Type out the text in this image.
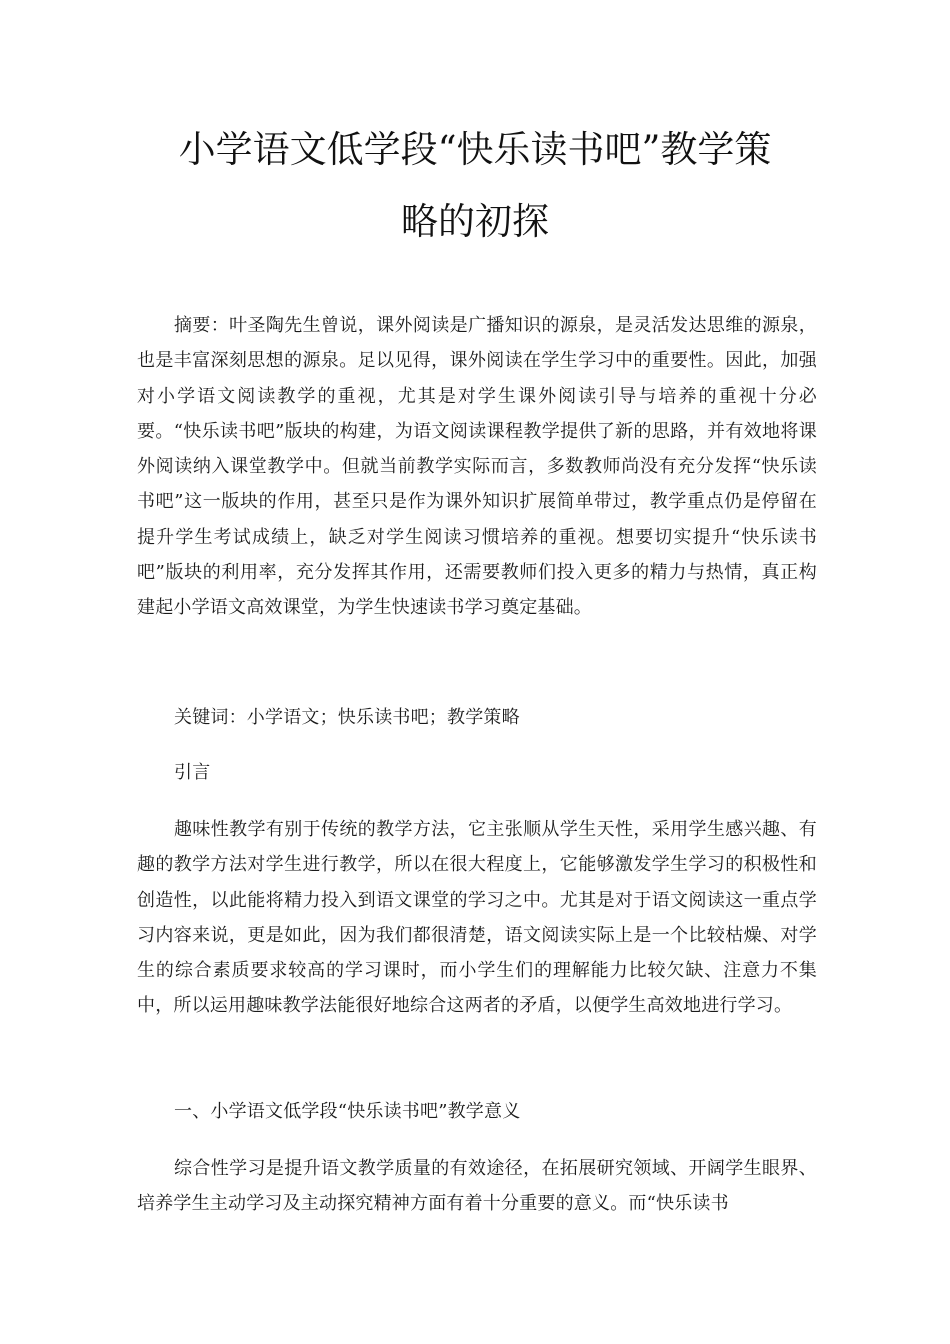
小学语文低学段“快乐读书吧”教学策
略的初探

摘要：叶圣陶先生曾说，课外阅读是广播知识的源泉，是灵活发达思维的源泉，也是丰富深刻思想的源泉。足以见得，课外阅读在学生学习中的重要性。因此，加强对小学语文阅读教学的重视，尤其是对学生课外阅读引导与培养的重视十分必要。“快乐读书吧”版块的构建，为语文阅读课程教学提供了新的思路，并有效地将课外阅读纳入课堂教学中。但就当前教学实际而言，多数教师尚没有充分发挥“快乐读书吧”这一版块的作用，甚至只是作为课外知识扩展简单带过，教学重点仍是停留在提升学生考试成绩上，缺乏对学生阅读习惯培养的重视。想要切实提升“快乐读书吧”版块的利用率，充分发挥其作用，还需要教师们投入更多的精力与热情，真正构建起小学语文高效课堂，为学生快速读书学习奠定基础。

关键词：小学语文；快乐读书吧；教学策略

引言

趣味性教学有别于传统的教学方法，它主张顺从学生天性，采用学生感兴趣、有趣的教学方法对学生进行教学，所以在很大程度上，它能够激发学生学习的积极性和创造性，以此能将精力投入到语文课堂的学习之中。尤其是对于语文阅读这一重点学习内容来说，更是如此，因为我们都很清楚，语文阅读实际上是一个比较枯燥、对学生的综合素质要求较高的学习课时，而小学生们的理解能力比较欠缺、注意力不集中，所以运用趣味教学法能很好地综合这两者的矛盾，以便学生高效地进行学习。

一、小学语文低学段“快乐读书吧”教学意义

综合性学习是提升语文教学质量的有效途径，在拓展研究领域、开阔学生眼界、培养学生主动学习及主动探究精神方面有着十分重要的意义。而“快乐读书
